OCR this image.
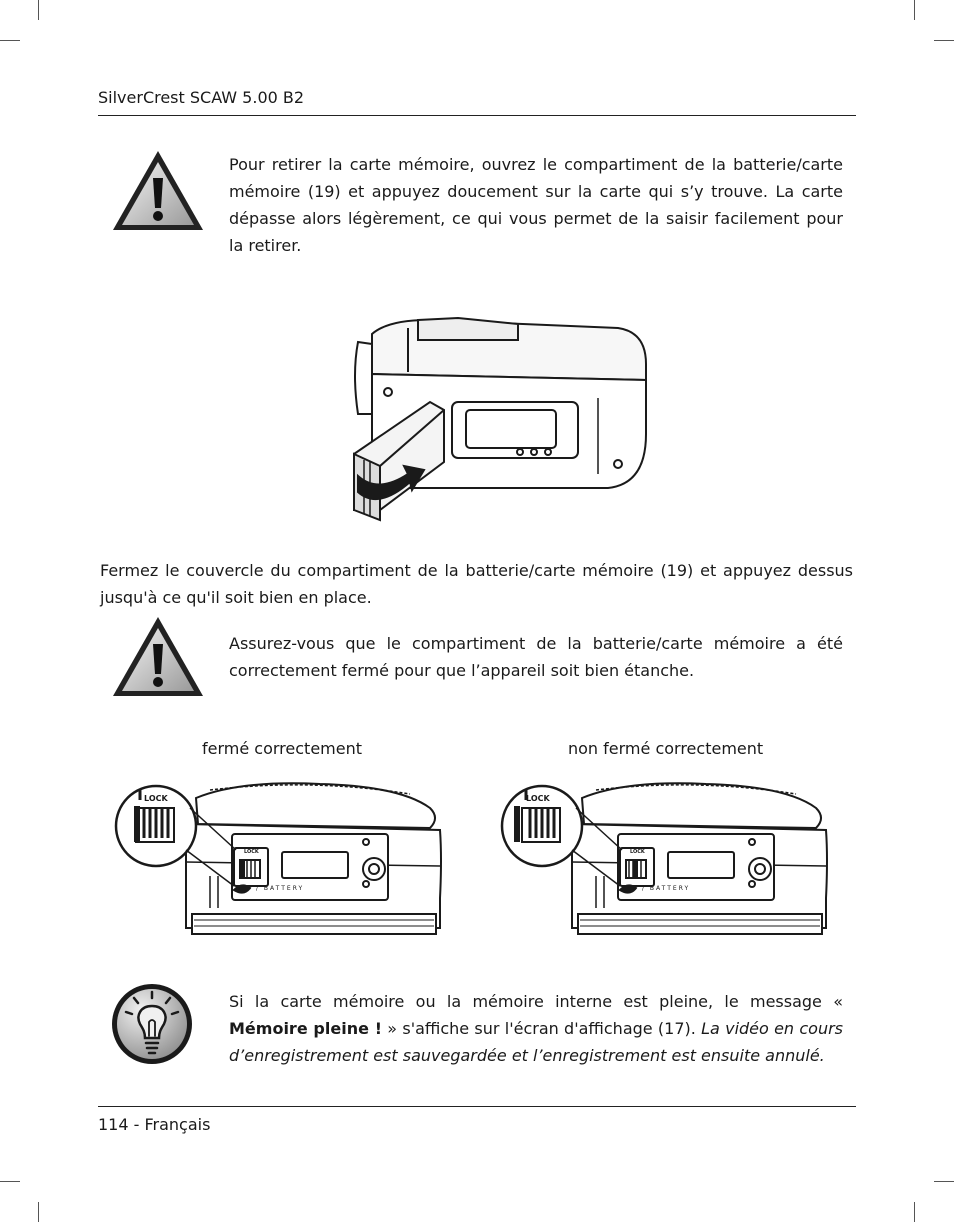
SilverCrest SCAW 5.00 B2

Pour retirer la carte mémoire, ouvrez le compartiment de la batterie/carte mémoire (19) et appuyez doucement sur la carte qui s’y trouve. La carte dépasse alors légèrement, ce qui vous permet de la saisir facilement pour la retirer.

Fermez le couvercle du compartiment de la batterie/carte mémoire (19) et appuyez dessus jusqu'à ce qu'il soit bien en place.

Assurez-vous que le compartiment de la batterie/carte mémoire a été correctement fermé pour que l’appareil soit bien étanche.

fermé correctement	non fermé correctement
LOCK
LOCK
/ BATTERY
LOCK
LOCK
/ BATTERY

Si la carte mémoire ou la mémoire interne est pleine, le message « Mémoire pleine ! » s'affiche sur l'écran d'affichage (17). La vidéo en cours d’enregistrement est sauvegardée et l’enregistrement est ensuite annulé.

114 - Français
